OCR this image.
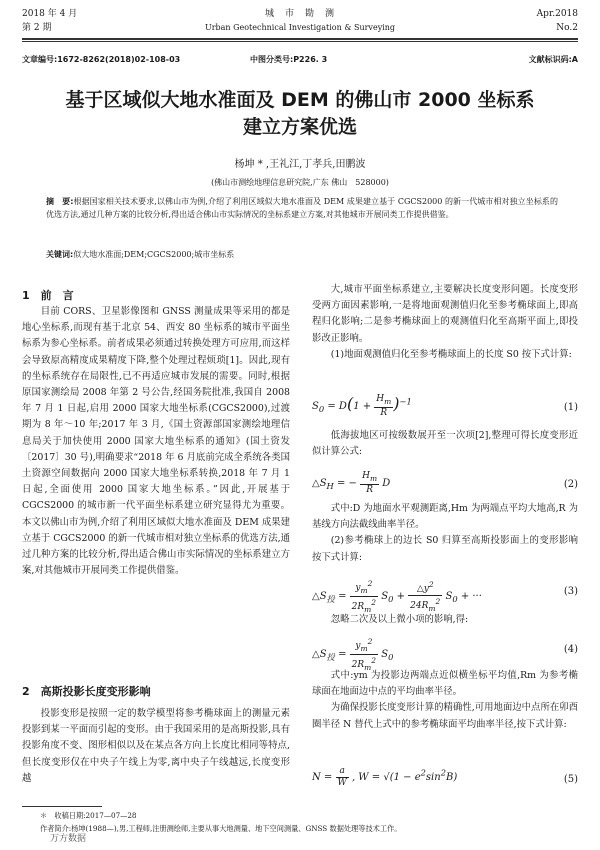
2018 年 4 月
第 2 期
城　市　勘　测
Urban Geotechnical Investigation & Surveying
Apr.2018
No.2
文章编号:1672-8262(2018)02-108-03	中图分类号:P226. 3	文献标识码:A
基于区域似大地水准面及 DEM 的佛山市 2000 坐标系
建立方案优选
杨坤 * ,王礼江,丁孝兵,田鹏波
(佛山市测绘地理信息研究院,广东 佛山　528000)
摘　要:根据国家相关技术要求,以佛山市为例,介绍了利用区域似大地水准面及 DEM 成果建立基于 CGCS2000 的新一代城市相对独立坐标系的优选方法,通过几种方案的比较分析,得出适合佛山市实际情况的坐标系建立方案,对其他城市开展同类工作提供借鉴。
关键词:似大地水准面;DEM;CGCS2000;城市坐标系
1　前　言

目前 CORS、卫星影像图和 GNSS 测量成果等采用的都是地心坐标系,而现有基于北京 54、西安 80 坐标系的城市平面坐标系为参心坐标系。前者成果必须通过转换处理方可应用,而这样会导致原高精度成果精度下降,整个处理过程烦琐[1]。因此,现有的坐标系统存在局限性,已不再适应城市发展的需要。同时,根据原国家测绘局 2008 年第 2 号公告,经国务院批准,我国自 2008 年 7 月 1 日起,启用 2000 国家大地坐标系(CGCS2000),过渡期为 8 年～10 年;2017 年 3 月,《国土资源部国家测绘地理信息局关于加快使用 2000 国家大地坐标系的通知》(国土资发〔2017〕30 号),明确要求“2018 年 6 月底前完成全系统各类国土资源空间数据向 2000 国家大地坐标系转换,2018 年 7 月 1 日起,全面使用 2000 国家大地坐标系。”因此,开展基于 CGCS2000 的城市新一代平面坐标系建立研究显得尤为重要。本文以佛山市为例,介绍了利用区域似大地水准面及 DEM 成果建立基于 CGCS2000 的新一代城市相对独立坐标系的优选方法,通过几种方案的比较分析,得出适合佛山市实际情况的坐标系建立方案,对其他城市开展同类工作提供借鉴。

2　高斯投影长度变形影响

投影变形是按照一定的数学模型将参考椭球面上的测量元素投影到某一平面而引起的变形。由于我国采用的是高斯投影,具有投影角度不变、图形相似以及在某点各方向上长度比相同等特点,但长度变形仅在中央子午线上为零,离中央子午线越远,长度变形越

大,城市平面坐标系建立,主要解决长度变形问题。长度变形受两方面因素影响,一是将地面观测值归化至参考椭球面上,即高程归化影响;二是参考椭球面上的观测值归化至高斯平面上,即投影改正影响。

(1)地面观测值归化至参考椭球面上的长度 S0 按下式计算:

$S_0 = D(1 + \frac{H_m}{R} )^{-1}$
(1)

低海拔地区可按级数展开至一次项[2],整理可得长度变形近似计算公式:

$\triangle S_H$ = − $\frac{H_m}{R}$ D	(2)

式中:D 为地面水平观测距离,Hm 为两端点平均大地高,R 为基线方向法截线曲率半径。

(2)参考椭球上的边长 S0 归算至高斯投影面上的变形影响按下式计算:

$\triangle S_投 = \frac{y_m^2}{2R_m^2} S_0 + \frac{\triangle y^2}{24R_m^2} S_0$ + ···	(3)

忽略二次及以上微小项的影响,得:

$\triangle S_投 = \frac{y_m^2}{2R_m^2} S_0$
(4)

式中:ym 为投影边两端点近似横坐标平均值,Rm 为参考椭球面在地面边中点的平均曲率半径。

为确保投影长度变形计算的精确性,可用地面边中点所在卯酉圈半径 N 替代上式中的参考椭球面平均曲率半径,按下式计算:

$N = \frac{a}{W}$ , $W = √(1 - e^2\sin^2B)$	(5)
＊　收稿日期:2017—07—28
作者简介:杨坤(1988—),男,工程师,注册测绘师,主要从事大地测量、地下空间测量、GNSS 数据处理等技术工作。
万方数据
